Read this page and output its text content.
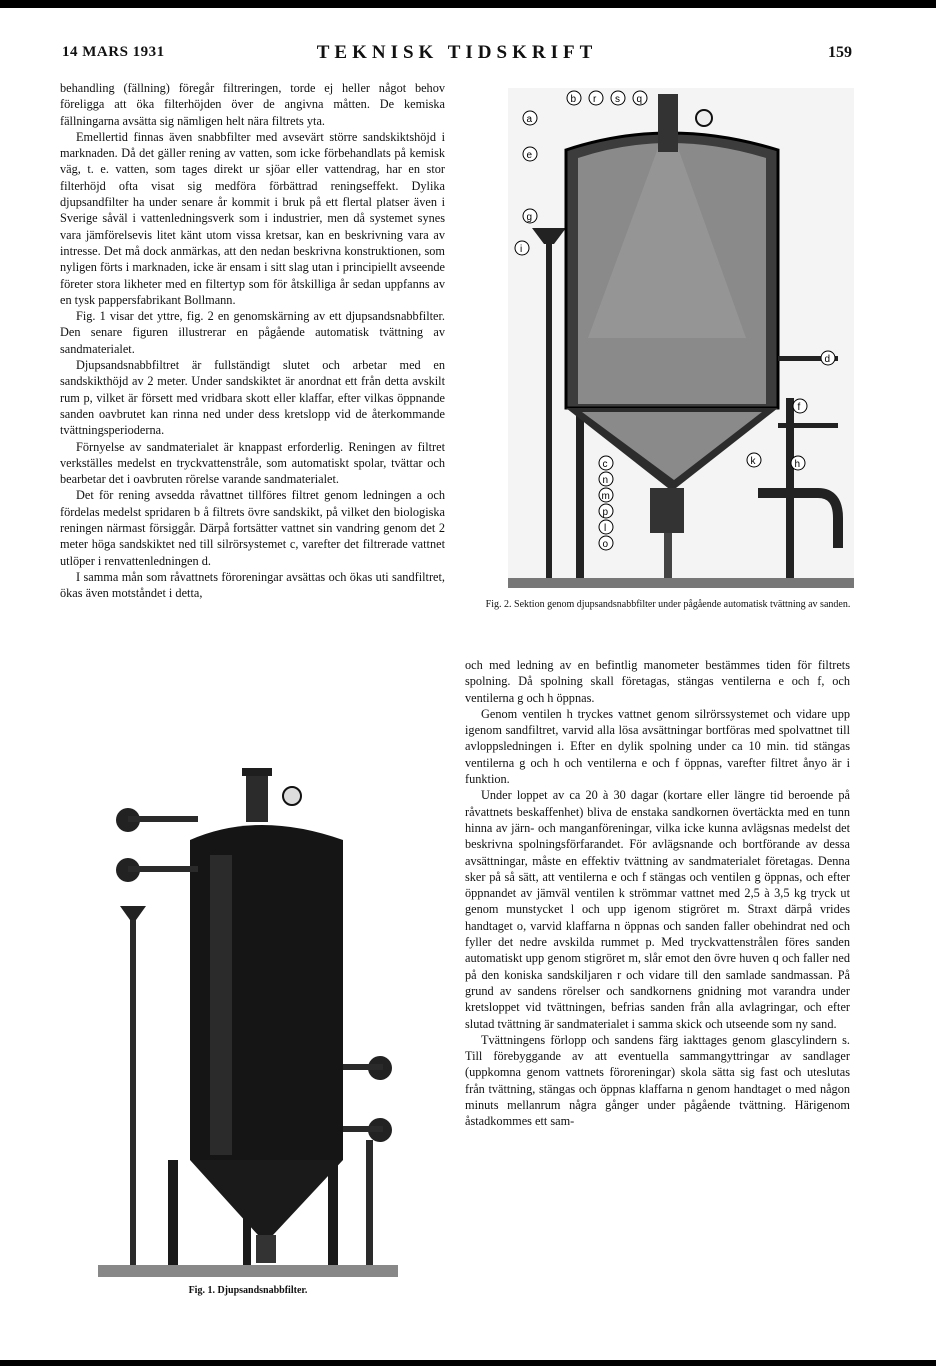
14 MARS 1931	TEKNISK TIDSKRIFT	159

behandling (fällning) föregår filtreringen, torde ej heller något behov föreligga att öka filterhöjden över de angivna måtten. De kemiska fällningarna avsätta sig nämligen helt nära filtrets yta.

Emellertid finnas även snabbfilter med avsevärt större sandskiktshöjd i marknaden. Då det gäller rening av vatten, som icke förbehandlats på kemisk väg, t. e. vatten, som tages direkt ur sjöar eller vattendrag, har en stor filterhöjd ofta visat sig medföra förbättrad reningseffekt. Dylika djupsandfilter ha under senare år kommit i bruk på ett flertal platser även i Sverige såväl i vattenledningsverk som i industrier, men då systemet synes vara jämförelsevis litet känt utom vissa kretsar, kan en beskrivning vara av intresse. Det må dock anmärkas, att den nedan beskrivna konstruktionen, som nyligen förts i marknaden, icke är ensam i sitt slag utan i principiellt avseende företer stora likheter med en filtertyp som för åtskilliga år sedan uppfanns av en tysk pappersfabrikant Bollmann.

Fig. 1 visar det yttre, fig. 2 en genomskärning av ett djupsandsnabbfilter. Den senare figuren illustrerar en pågående automatisk tvättning av sandmaterialet.

Djupsandsnabbfiltret är fullständigt slutet och arbetar med en sandskikthöjd av 2 meter. Under sandskiktet är anordnat ett från detta avskilt rum p, vilket är försett med vridbara skott eller klaffar, efter vilkas öppnande sanden oavbrutet kan rinna ned under dess kretslopp vid de återkommande tvättningsperioderna.

Förnyelse av sandmaterialet är knappast erforderlig. Reningen av filtret verkställes medelst en tryckvattenstråle, som automatiskt spolar, tvättar och bearbetar det i oavbruten rörelse varande sandmaterialet.

Det för rening avsedda råvattnet tillföres filtret genom ledningen a och fördelas medelst spridaren b å filtrets övre sandskikt, på vilket den biologiska reningen närmast försiggår. Därpå fortsätter vattnet sin vandring genom det 2 meter höga sandskiktet ned till silrörsystemet c, varefter det filtrerade vattnet utlöper i renvattenledningen d.

I samma mån som råvattnets föroreningar avsättas och ökas uti sandfiltret, ökas även motståndet i detta,

Fig. 1. Djupsandsnabbfilter.
b r s q
a
e
g
i
d
f
h
c
n
m
p
l
o
k
Fig. 2. Sektion genom djupsandsnabbfilter under pågående automatisk tvättning av sanden.

och med ledning av en befintlig manometer bestämmes tiden för filtrets spolning. Då spolning skall företagas, stängas ventilerna e och f, och ventilerna g och h öppnas.

Genom ventilen h tryckes vattnet genom silrörssystemet och vidare upp igenom sandfiltret, varvid alla lösa avsättningar bortföras med spolvattnet till avloppsledningen i. Efter en dylik spolning under ca 10 min. tid stängas ventilerna g och h och ventilerna e och f öppnas, varefter filtret ånyo är i funktion.

Under loppet av ca 20 à 30 dagar (kortare eller längre tid beroende på råvattnets beskaffenhet) bliva de enstaka sandkornen övertäckta med en tunn hinna av järn- och manganföreningar, vilka icke kunna avlägsnas medelst det beskrivna spolningsförfarandet. För avlägsnande och bortförande av dessa avsättningar, måste en effektiv tvättning av sandmaterialet företagas. Denna sker på så sätt, att ventilerna e och f stängas och ventilen g öppnas, och efter öppnandet av jämväl ventilen k strömmar vattnet med 2,5 à 3,5 kg tryck ut genom munstycket l och upp igenom stigröret m. Straxt därpå vrides handtaget o, varvid klaffarna n öppnas och sanden faller obehindrat ned och fyller det nedre avskilda rummet p. Med tryckvattenstrålen föres sanden automatiskt upp genom stigröret m, slår emot den övre huven q och faller ned på den koniska sandskiljaren r och vidare till den samlade sandmassan. På grund av sandens rörelser och sandkornens gnidning mot varandra under kretsloppet vid tvättningen, befrias sanden från alla avlagringar, och efter slutad tvättning är sandmaterialet i samma skick och utseende som ny sand.

Tvättningens förlopp och sandens färg iakttages genom glascylindern s. Till förebyggande av att eventuella sammangyttringar av sandlager (uppkomna genom vattnets föroreningar) skola sätta sig fast och uteslutas från tvättning, stängas och öppnas klaffarna n genom handtaget o med någon minuts mellanrum några gånger under pågående tvättning. Härigenom åstadkommes ett sam-
